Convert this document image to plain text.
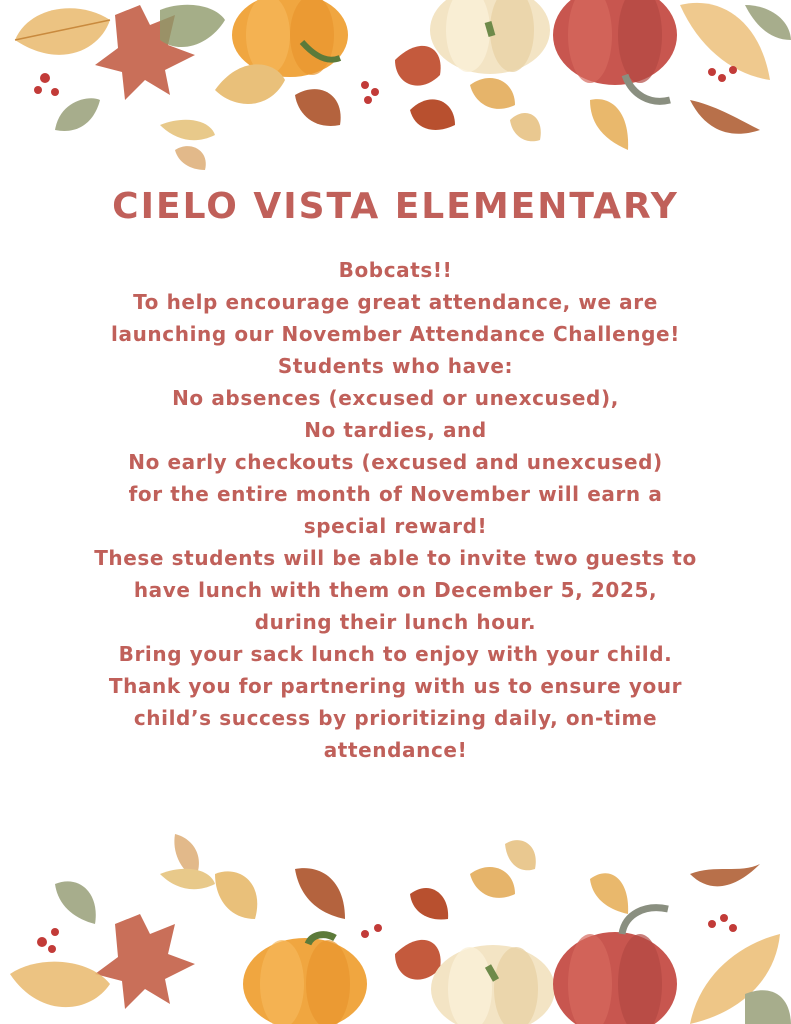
CIELO VISTA ELEMENTARY
Bobcats!!
To help encourage great attendance, we are
launching our November Attendance Challenge!
Students who have:
No absences (excused or unexcused),
No tardies, and
No early checkouts (excused and unexcused)
for the entire month of November will earn a
special reward!
These students will be able to invite two guests to
have lunch with them on December 5, 2025,
during their lunch hour.
Bring your sack lunch to enjoy with your child.
Thank you for partnering with us to ensure your
child’s success by prioritizing daily, on-time
attendance!
